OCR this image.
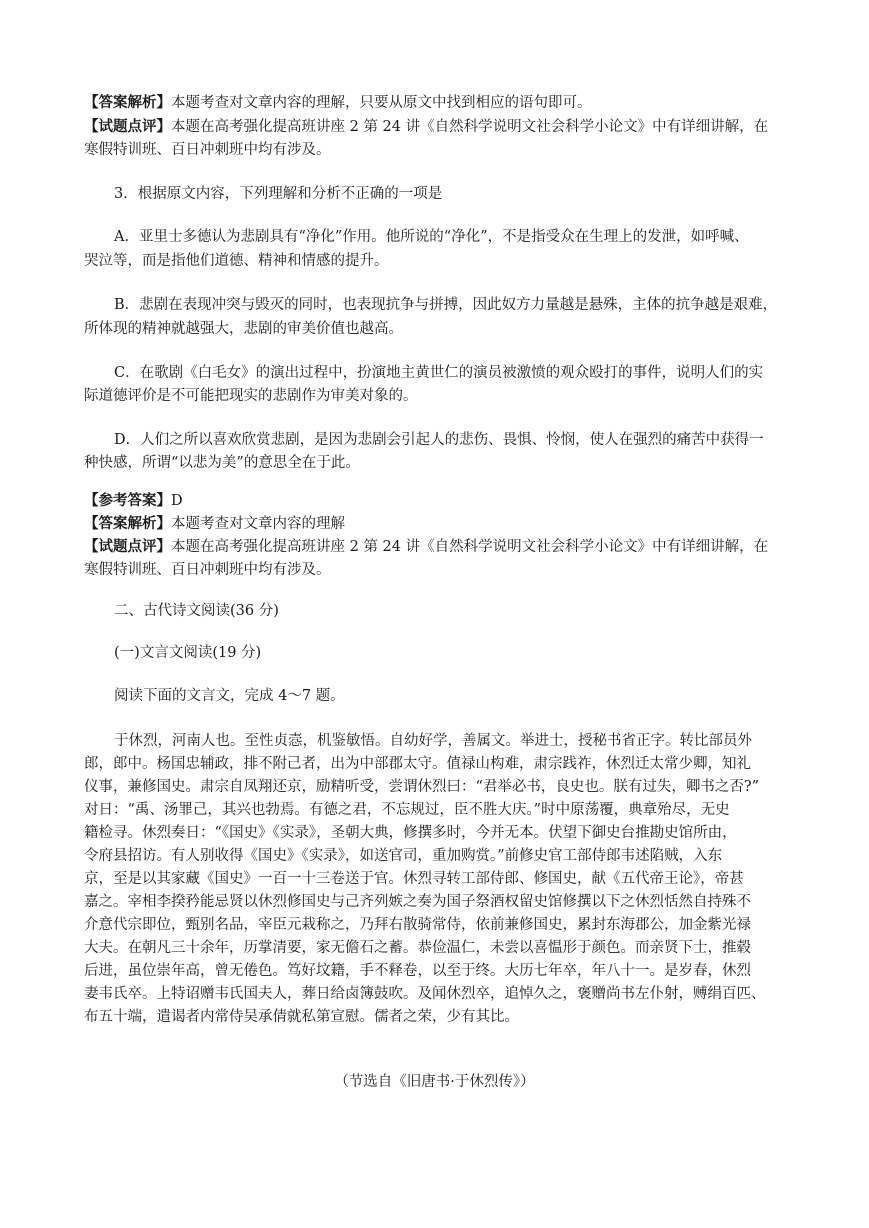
【答案解析】本题考查对文章内容的理解，只要从原文中找到相应的语句即可。
【试题点评】本题在高考强化提高班讲座 2 第 24 讲《自然科学说明文社会科学小论文》中有详细讲解，在
寒假特训班、百日冲刺班中均有涉及。
3．根据原文内容，下列理解和分析不正确的一项是
A．亚里士多德认为悲剧具有“净化”作用。他所说的“净化”，不是指受众在生理上的发泄，如呼喊、
哭泣等，而是指他们道德、精神和情感的提升。
B．悲剧在表现冲突与毁灭的同时，也表现抗争与拼搏，因此奴方力量越是悬殊，主体的抗争越是艰难，
所体现的精神就越强大，悲剧的审美价值也越高。
C．在歌剧《白毛女》的演出过程中，扮演地主黄世仁的演员被激愤的观众殴打的事件，说明人们的实
际道德评价是不可能把现实的悲剧作为审美对象的。
D．人们之所以喜欢欣赏悲剧，是因为悲剧会引起人的悲伤、畏惧、怜悯，使人在强烈的痛苦中获得一
种快感，所谓“以悲为美”的意思全在于此。
【参考答案】D
【答案解析】本题考查对文章内容的理解
【试题点评】本题在高考强化提高班讲座 2 第 24 讲《自然科学说明文社会科学小论文》中有详细讲解，在
寒假特训班、百日冲刺班中均有涉及。
二、古代诗文阅读(36 分)
(一)文言文阅读(19 分)
阅读下面的文言文，完成 4～7 题。
于休烈，河南人也。至性贞悫，机鉴敏悟。自幼好学，善属文。举进士，授秘书省正字。转比部员外
郎，郎中。杨国忠辅政，排不附己者，出为中部郡太守。值禄山构难，肃宗践祚，休烈迁太常少卿，知礼
仪事，兼修国史。肃宗自凤翔还京，励精听受，尝谓休烈曰：“君举必书，良史也。朕有过失，卿书之否?”
对日：“禹、汤罪己，其兴也勃焉。有德之君，不忘规过，臣不胜大庆。”时中原荡覆，典章殆尽，无史
籍检寻。休烈奏日：“《国史》《实录》，圣朝大典，修撰多时，今并无本。伏望下御史台推勘史馆所由，
令府县招访。有人别收得《国史》《实录》，如送官司，重加购赏。”前修史官工部侍郎韦述陷贼，入东
京，至是以其家藏《国史》一百一十三卷送于官。休烈寻转工部侍郎、修国史，献《五代帝王论》，帝甚
嘉之。宰相李揆矜能忌贤以休烈修国史与己齐列嫉之奏为国子祭酒权留史馆修撰以下之休烈恬然自持殊不
介意代宗即位，甄别名品，宰臣元栽称之，乃拜右散骑常侍，依前兼修国史，累封东海郡公，加金紫光禄
大夫。在朝凡三十余年，历掌清要，家无儋石之蓄。恭俭温仁，未尝以喜愠形于颜色。而亲贤下士，推毂
后进，虽位崇年高，曾无倦色。笃好坟籍，手不释卷，以至于终。大历七年卒，年八十一。是岁春，休烈
妻韦氏卒。上特诏赠韦氏国夫人，葬日给卤簿鼓吹。及闻休烈卒，追悼久之，褒赠尚书左仆射，赙绢百匹、
布五十端，遣谒者内常侍吴承倩就私第宣慰。儒者之荣，少有其比。
（节选自《旧唐书·于休烈传》）
